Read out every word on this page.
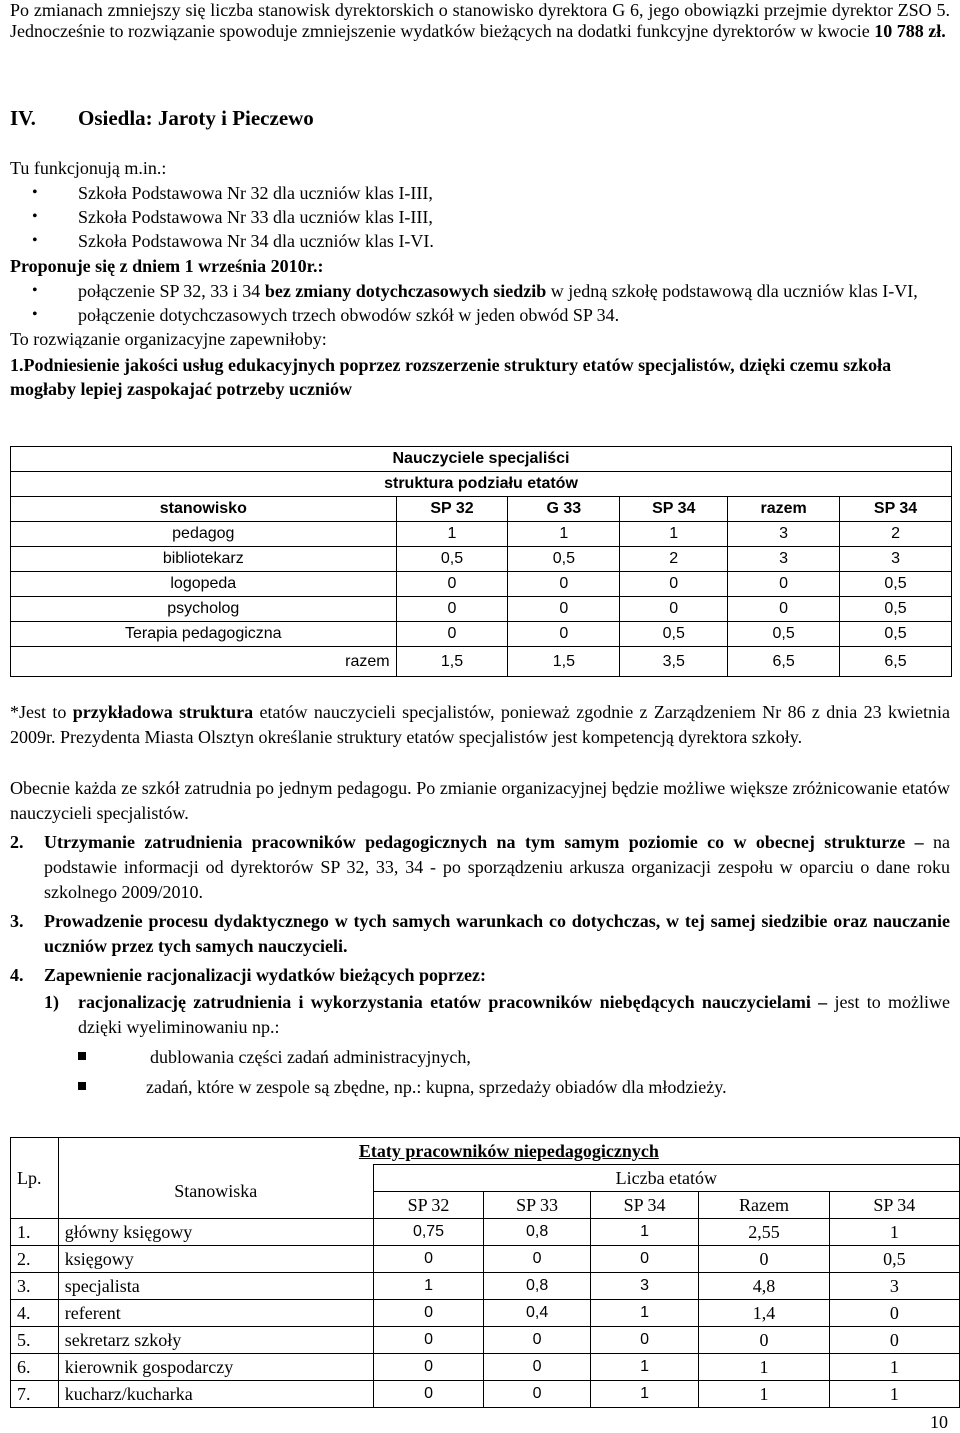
Po zmianach zmniejszy się liczba stanowisk dyrektorskich o stanowisko dyrektora G 6, jego obowiązki przejmie dyrektor ZSO 5. Jednocześnie to rozwiązanie spowoduje zmniejszenie wydatków bieżących na dodatki funkcyjne dyrektorów w kwocie 10 788 zł.

IV. Osiedla: Jaroty i Pieczewo

Tu funkcjonują m.in.:

• Szkoła Podstawowa Nr 32 dla uczniów klas I-III,
• Szkoła Podstawowa Nr 33 dla uczniów klas I-III,
• Szkoła Podstawowa Nr 34 dla uczniów klas I-VI.

Proponuje się z dniem 1 września 2010r.:

• połączenie SP 32, 33 i 34 bez zmiany dotychczasowych siedzib w jedną szkołę podstawową dla uczniów klas I-VI,
• połączenie dotychczasowych trzech obwodów szkół w jeden obwód SP 34.

To rozwiązanie organizacyjne zapewniłoby:

1.Podniesienie jakości usług edukacyjnych poprzez rozszerzenie struktury etatów specjalistów, dzięki czemu szkoła mogłaby lepiej zaspokajać potrzeby uczniów

Nauczyciele specjaliści					
struktura podziału etatów					
stanowisko	SP 32	G 33	SP 34	razem	SP 34
pedagog	1	1	1	3	2
bibliotekarz	0,5	0,5	2	3	3
logopeda	0	0	0	0	0,5
psycholog	0	0	0	0	0,5
Terapia pedagogiczna	0	0	0,5	0,5	0,5
razem	1,5	1,5	3,5	6,5	6,5

*Jest to przykładowa struktura etatów nauczycieli specjalistów, ponieważ zgodnie z Zarządzeniem Nr 86 z dnia 23 kwietnia 2009r. Prezydenta Miasta Olsztyn określanie struktury etatów specjalistów jest kompetencją dyrektora szkoły.

Obecnie każda ze szkół zatrudnia po jednym pedagogu. Po zmianie organizacyjnej będzie możliwe większe zróżnicowanie etatów nauczycieli specjalistów.

2. Utrzymanie zatrudnienia pracowników pedagogicznych na tym samym poziomie co w obecnej strukturze – na podstawie informacji od dyrektorów SP 32, 33, 34 - po sporządzeniu arkusza organizacji zespołu w oparciu o dane roku szkolnego 2009/2010.
3. Prowadzenie procesu dydaktycznego w tych samych warunkach co dotychczas, w tej samej siedzibie oraz nauczanie uczniów przez tych samych nauczycieli.
4. Zapewnienie racjonalizacji wydatków bieżących poprzez:
1) racjonalizację zatrudnienia i wykorzystania etatów pracowników niebędących nauczycielami – jest to możliwe dzięki wyeliminowaniu np.:
dublowania części zadań administracyjnych,
zadań, które w zespole są zbędne, np.: kupna, sprzedaży obiadów dla młodzieży.
Lp.	Etaty pracowników niepedagogicznych					
	Stanowiska	Liczba etatów				
		SP 32	SP 33	SP 34	Razem	SP 34
1.	główny księgowy	0,75	0,8	1	2,55	1
2.	księgowy	0	0	0	0	0,5
3.	specjalista	1	0,8	3	4,8	3
4.	referent	0	0,4	1	1,4	0
5.	sekretarz szkoły	0	0	0	0	0
6.	kierownik gospodarczy	0	0	1	1	1
7.	kucharz/kucharka	0	0	1	1	1
10
